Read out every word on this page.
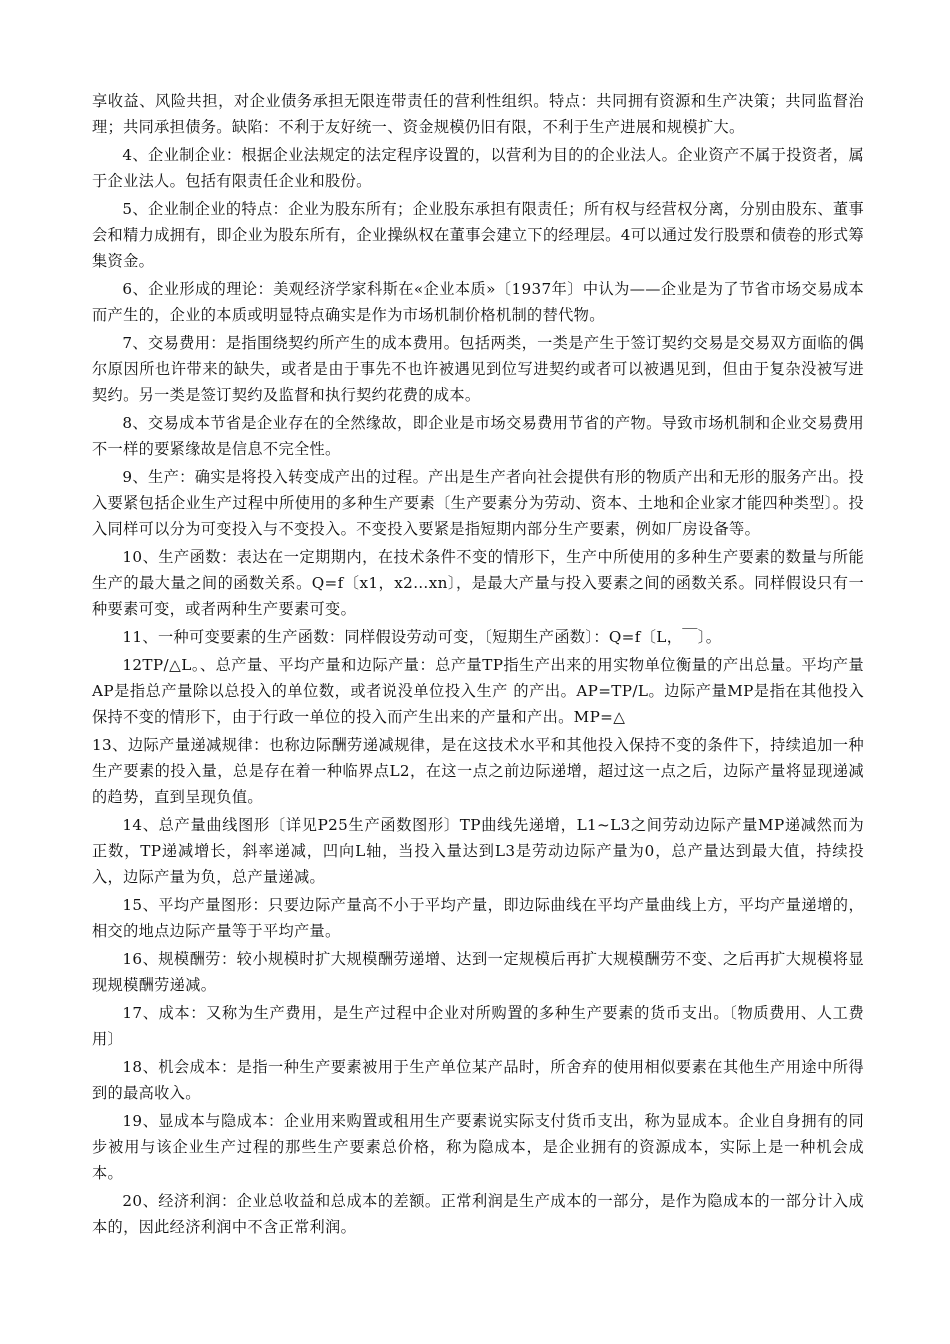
享收益、风险共担，对企业债务承担无限连带责任的营利性组织。特点：共同拥有资源和生产决策；共同监督治理；共同承担债务。缺陷：不利于友好统一、资金规模仍旧有限，不利于生产进展和规模扩大。

4、企业制企业：根据企业法规定的法定程序设置的，以营利为目的的企业法人。企业资产不属于投资者，属于企业法人。包括有限责任企业和股份。

5、企业制企业的特点：企业为股东所有；企业股东承担有限责任；所有权与经营权分离，分别由股东、董事会和精力成拥有，即企业为股东所有，企业操纵权在董事会建立下的经理层。4可以通过发行股票和债卷的形式筹集资金。

6、企业形成的理论：美观经济学家科斯在«企业本质»〔1937年〕中认为——企业是为了节省市场交易成本而产生的，企业的本质或明显特点确实是作为市场机制价格机制的替代物。

7、交易费用：是指围绕契约所产生的成本费用。包括两类，一类是产生于签订契约交易是交易双方面临的偶尔原因所也许带来的缺失，或者是由于事先不也许被遇见到位写进契约或者可以被遇见到，但由于复杂没被写进契约。另一类是签订契约及监督和执行契约花费的成本。

8、交易成本节省是企业存在的全然缘故，即企业是市场交易费用节省的产物。导致市场机制和企业交易费用不一样的要紧缘故是信息不完全性。

9、生产：确实是将投入转变成产出的过程。产出是生产者向社会提供有形的物质产出和无形的服务产出。投入要紧包括企业生产过程中所使用的多种生产要素〔生产要素分为劳动、资本、土地和企业家才能四种类型〕。投入同样可以分为可变投入与不变投入。不变投入要紧是指短期内部分生产要素，例如厂房设备等。

10、生产函数：表达在一定期期内，在技术条件不变的情形下，生产中所使用的多种生产要素的数量与所能生产的最大量之间的函数关系。Q=f〔x1，x2…xn〕，是最大产量与投入要素之间的函数关系。同样假设只有一种要素可变，或者两种生产要素可变。

11、一种可变要素的生产函数：同样假设劳动可变，〔短期生产函数〕：Q=f〔L，￣〕。

12TP/△L。、总产量、平均产量和边际产量：总产量TP指生产出来的用实物单位衡量的产出总量。平均产量AP是指总产量除以总投入的单位数，或者说没单位投入生产 的产出。AP=TP/L。边际产量MP是指在其他投入保持不变的情形下，由于行政一单位的投入而产生出来的产量和产出。MP=△

13、边际产量递减规律：也称边际酬劳递减规律，是在这技术水平和其他投入保持不变的条件下，持续追加一种生产要素的投入量，总是存在着一种临界点L2，在这一点之前边际递增，超过这一点之后，边际产量将显现递减的趋势，直到呈现负值。

14、总产量曲线图形〔详见P25生产函数图形〕TP曲线先递增，L1~L3之间劳动边际产量MP递减然而为正数，TP递减增长，斜率递减，凹向L轴，当投入量达到L3是劳动边际产量为0，总产量达到最大值，持续投入，边际产量为负，总产量递减。

15、平均产量图形：只要边际产量高不小于平均产量，即边际曲线在平均产量曲线上方，平均产量递增的，相交的地点边际产量等于平均产量。

16、规模酬劳：较小规模时扩大规模酬劳递增、达到一定规模后再扩大规模酬劳不变、之后再扩大规模将显现规模酬劳递减。

17、成本：又称为生产费用，是生产过程中企业对所购置的多种生产要素的货币支出。〔物质费用、人工费用〕

18、机会成本：是指一种生产要素被用于生产单位某产品时，所舍弃的使用相似要素在其他生产用途中所得到的最高收入。

19、显成本与隐成本：企业用来购置或租用生产要素说实际支付货币支出，称为显成本。企业自身拥有的同步被用与该企业生产过程的那些生产要素总价格，称为隐成本，是企业拥有的资源成本，实际上是一种机会成本。

20、经济利润：企业总收益和总成本的差额。正常利润是生产成本的一部分，是作为隐成本的一部分计入成本的，因此经济利润中不含正常利润。
